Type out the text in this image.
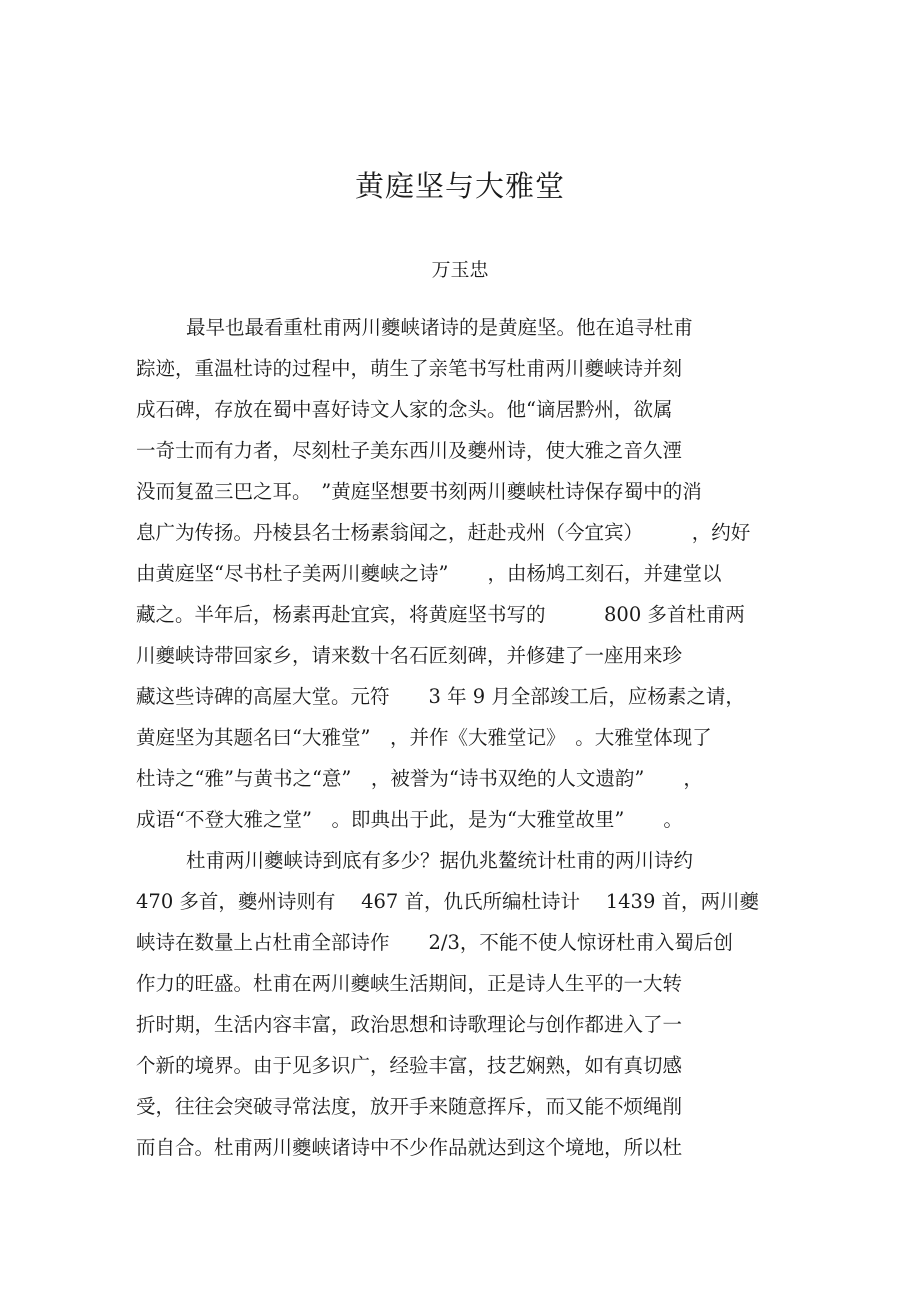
黄庭坚与大雅堂
万玉忠

最早也最看重杜甫两川夔峡诸诗的是黄庭坚。他在追寻杜甫

踪迹，重温杜诗的过程中，萌生了亲笔书写杜甫两川夔峡诗并刻

成石碑，存放在蜀中喜好诗文人家的念头。他“谪居黔州，欲属

一奇士而有力者，尽刻杜子美东西川及夔州诗，使大雅之音久湮

没而复盈三巴之耳。　”黄庭坚想要书刻两川夔峡杜诗保存蜀中的消

息广为传扬。丹棱县名士杨素翁闻之，赶赴戎州（今宜宾）　　　，约好

由黄庭坚“尽书杜子美两川夔峡之诗”　　，由杨鸠工刻石，并建堂以

藏之。半年后，杨素再赴宜宾，将黄庭坚书写的　　　800 多首杜甫两

川夔峡诗带回家乡，请来数十名石匠刻碑，并修建了一座用来珍

藏这些诗碑的高屋大堂。元符　　3 年 9 月全部竣工后，应杨素之请，

黄庭坚为其题名曰“大雅堂”　，并作《大雅堂记》　。大雅堂体现了

杜诗之“雅”与黄书之“意”　，被誉为“诗书双绝的人文遗韵”　　，

成语“不登大雅之堂”　。即典出于此，是为“大雅堂故里”　　。

杜甫两川夔峡诗到底有多少？据仇兆鳌统计杜甫的两川诗约

470 多首，夔州诗则有　 467 首，仇氏所编杜诗计　 1439 首，两川夔

峡诗在数量上占杜甫全部诗作　　2/3，不能不使人惊讶杜甫入蜀后创

作力的旺盛。杜甫在两川夔峡生活期间，正是诗人生平的一大转

折时期，生活内容丰富，政治思想和诗歌理论与创作都进入了一

个新的境界。由于见多识广，经验丰富，技艺娴熟，如有真切感

受，往往会突破寻常法度，放开手来随意挥斥，而又能不烦绳削

而自合。杜甫两川夔峡诸诗中不少作品就达到这个境地，所以杜
